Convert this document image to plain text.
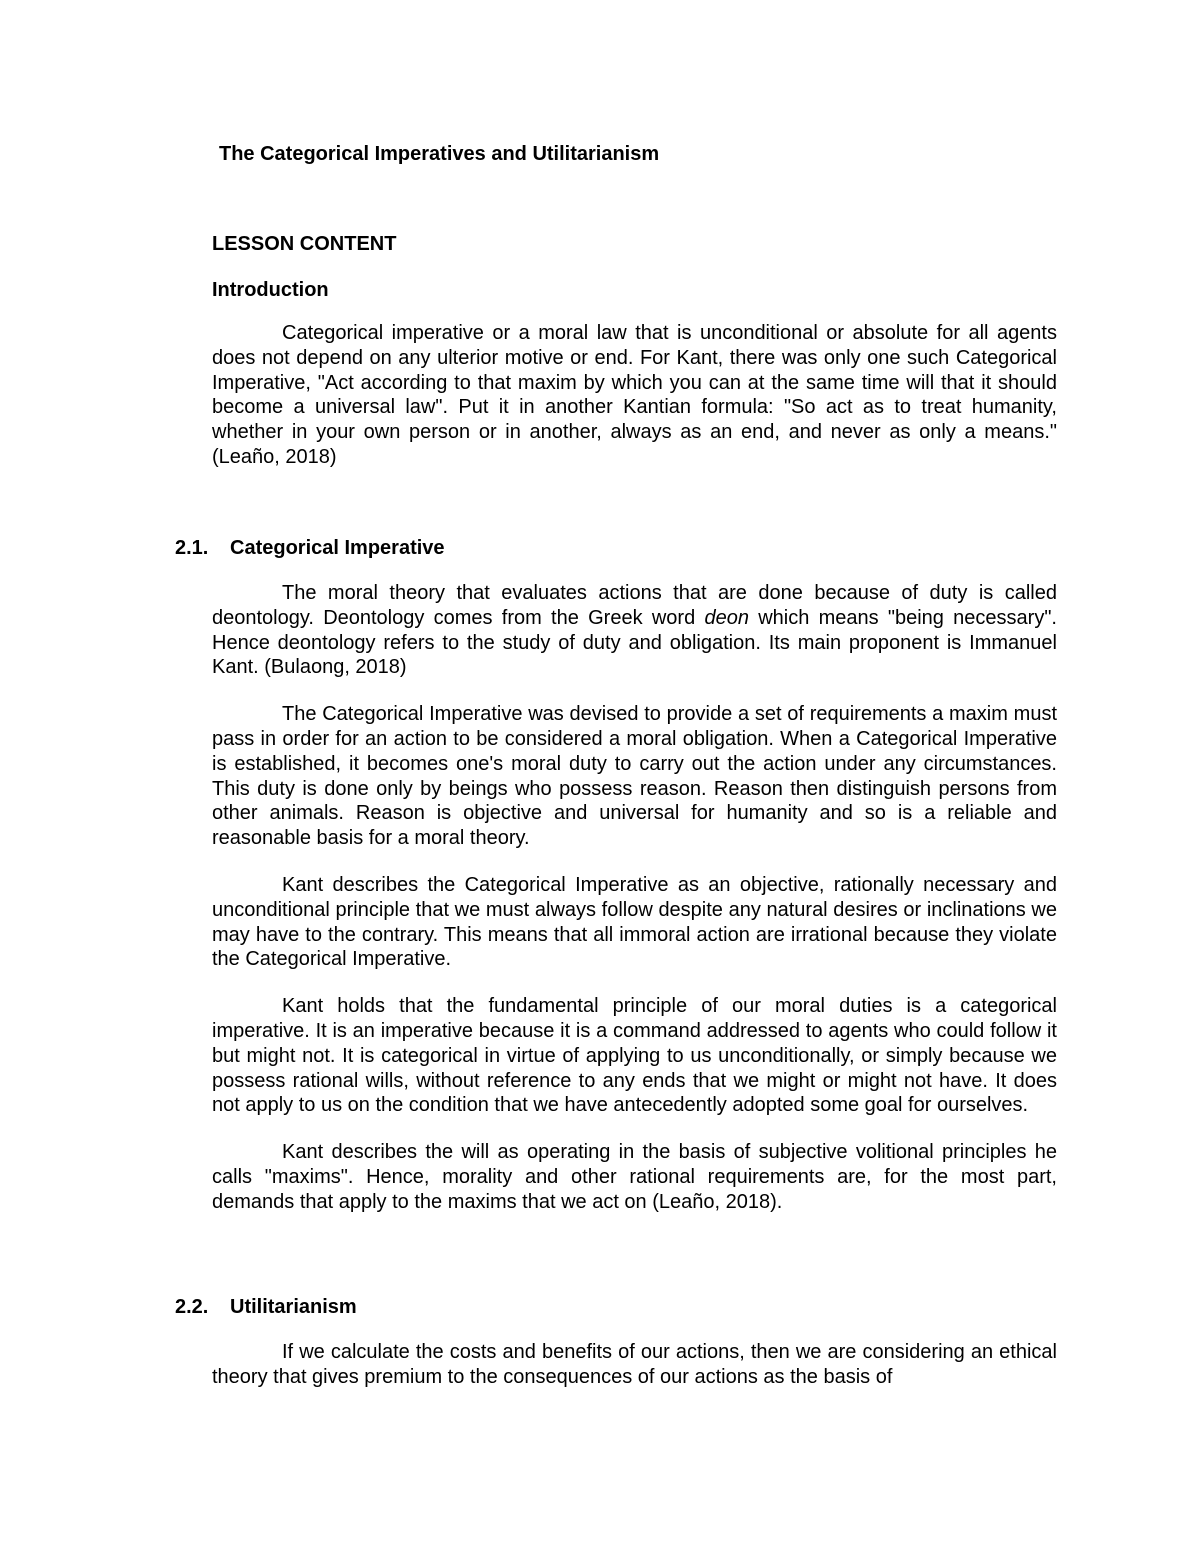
The Categorical Imperatives and Utilitarianism
LESSON CONTENT
Introduction

Categorical imperative or a moral law that is unconditional or absolute for all agents does not depend on any ulterior motive or end. For Kant, there was only one such Categorical Imperative, "Act according to that maxim by which you can at the same time will that it should become a universal law". Put it in another Kantian formula: "So act as to treat humanity, whether in your own person or in another, always as an end, and never as only a means." (Leaño, 2018)

2.1. Categorical Imperative

The moral theory that evaluates actions that are done because of duty is called deontology. Deontology comes from the Greek word deon which means "being necessary". Hence deontology refers to the study of duty and obligation. Its main proponent is Immanuel Kant. (Bulaong, 2018)

The Categorical Imperative was devised to provide a set of requirements a maxim must pass in order for an action to be considered a moral obligation. When a Categorical Imperative is established, it becomes one's moral duty to carry out the action under any circumstances. This duty is done only by beings who possess reason. Reason then distinguish persons from other animals. Reason is objective and universal for humanity and so is a reliable and reasonable basis for a moral theory.

Kant describes the Categorical Imperative as an objective, rationally necessary and unconditional principle that we must always follow despite any natural desires or inclinations we may have to the contrary. This means that all immoral action are irrational because they violate the Categorical Imperative.

Kant holds that the fundamental principle of our moral duties is a categorical imperative. It is an imperative because it is a command addressed to agents who could follow it but might not. It is categorical in virtue of applying to us unconditionally, or simply because we possess rational wills, without reference to any ends that we might or might not have. It does not apply to us on the condition that we have antecedently adopted some goal for ourselves.

Kant describes the will as operating in the basis of subjective volitional principles he calls "maxims". Hence, morality and other rational requirements are, for the most part, demands that apply to the maxims that we act on (Leaño, 2018).

2.2. Utilitarianism

If we calculate the costs and benefits of our actions, then we are considering an ethical theory that gives premium to the consequences of our actions as the basis of
